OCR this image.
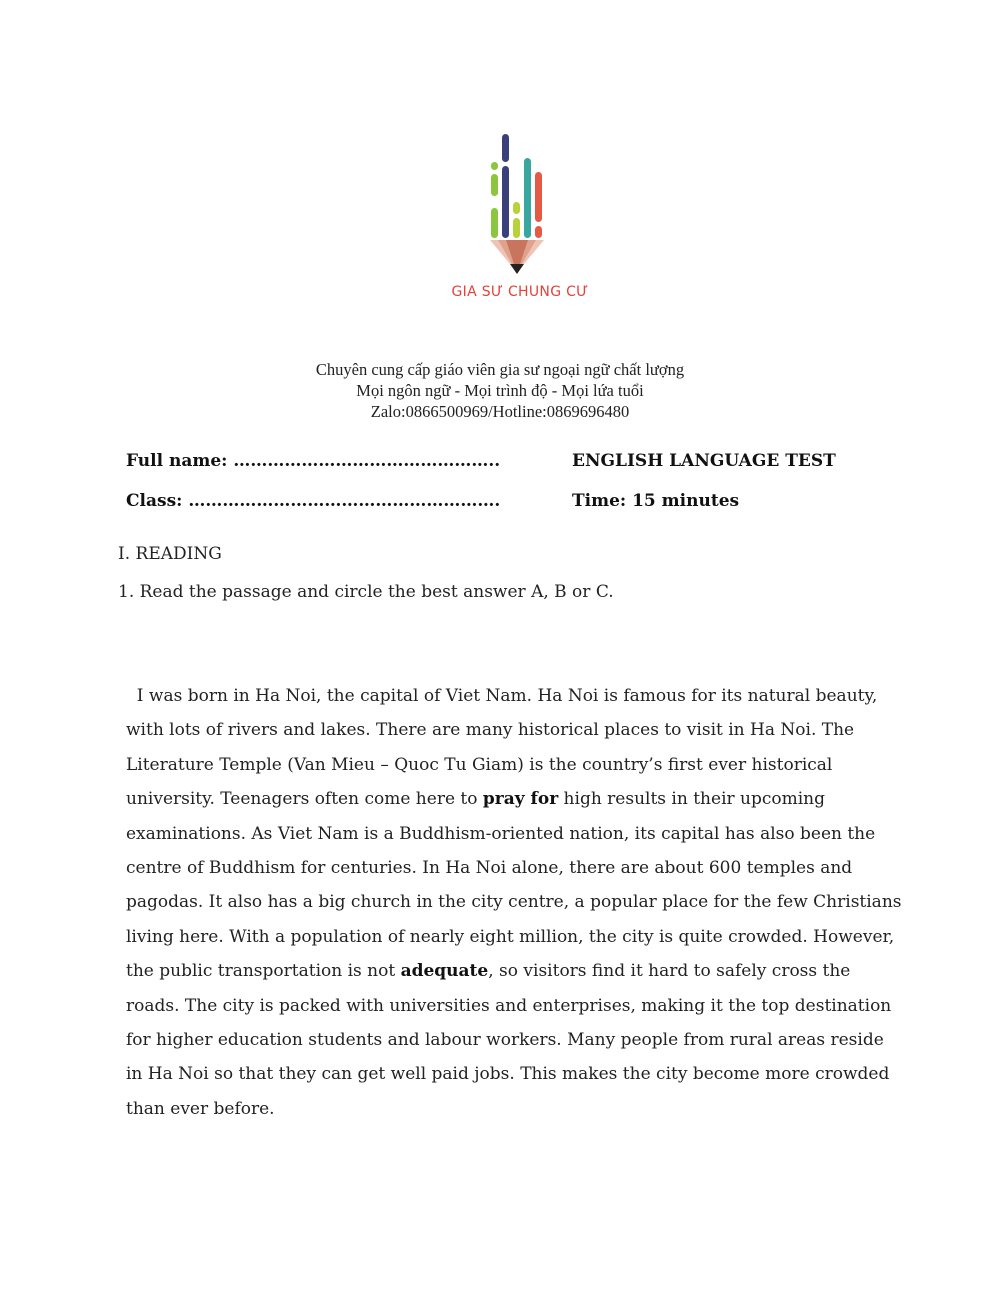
GIA SƯ CHUNG CƯ
Chuyên cung cấp giáo viên gia sư ngoại ngữ chất lượng
Mọi ngôn ngữ - Mọi trình độ - Mọi lứa tuổi
Zalo:0866500969/Hotline:0869696480
Full name: ………………………………………..
Class: ……………………………………………….
ENGLISH LANGUAGE TEST
Time: 15 minutes
I. READING
1. Read the passage and circle the best answer A, B or C.
I was born in Ha Noi, the capital of Viet Nam. Ha Noi is famous for its natural beauty,
with lots of rivers and lakes. There are many historical places to visit in Ha Noi. The
Literature Temple (Van Mieu – Quoc Tu Giam) is the country’s first ever historical
university. Teenagers often come here to pray for high results in their upcoming
examinations. As Viet Nam is a Buddhism-oriented nation, its capital has also been the
centre of Buddhism for centuries. In Ha Noi alone, there are about 600 temples and
pagodas. It also has a big church in the city centre, a popular place for the few Christians
living here. With a population of nearly eight million, the city is quite crowded. However,
the public transportation is not adequate, so visitors find it hard to safely cross the
roads. The city is packed with universities and enterprises, making it the top destination
for higher education students and labour workers. Many people from rural areas reside
in Ha Noi so that they can get well paid jobs. This makes the city become more crowded
than ever before.
